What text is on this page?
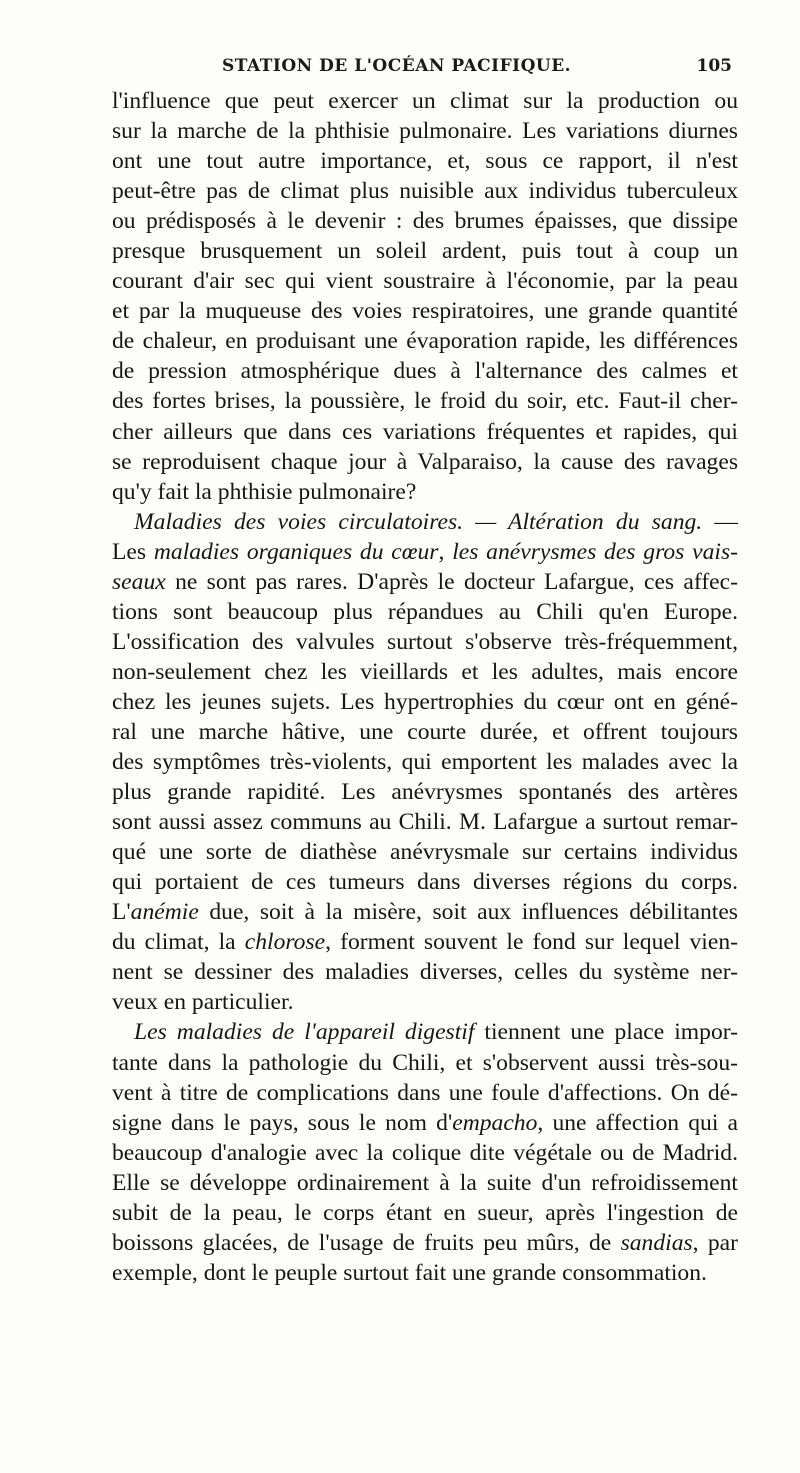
STATION DE L'OCÉAN PACIFIQUE.	105

l'influence que peut exercer un climat sur la production ou
sur la marche de la phthisie pulmonaire. Les variations diurnes
ont une tout autre importance, et, sous ce rapport, il n'est
peut-être pas de climat plus nuisible aux individus tuberculeux
ou prédisposés à le devenir : des brumes épaisses, que dissipe
presque brusquement un soleil ardent, puis tout à coup un
courant d'air sec qui vient soustraire à l'économie, par la peau
et par la muqueuse des voies respiratoires, une grande quantité
de chaleur, en produisant une évaporation rapide, les différences
de pression atmosphérique dues à l'alternance des calmes et
des fortes brises, la poussière, le froid du soir, etc. Faut-il cher-
cher ailleurs que dans ces variations fréquentes et rapides, qui
se reproduisent chaque jour à Valparaiso, la cause des ravages
qu'y fait la phthisie pulmonaire?

Maladies des voies circulatoires. — Altération du sang. —
Les maladies organiques du cœur, les anévrysmes des gros vais-
seaux ne sont pas rares. D'après le docteur Lafargue, ces affec-
tions sont beaucoup plus répandues au Chili qu'en Europe.
L'ossification des valvules surtout s'observe très-fréquemment,
non-seulement chez les vieillards et les adultes, mais encore
chez les jeunes sujets. Les hypertrophies du cœur ont en géné-
ral une marche hâtive, une courte durée, et offrent toujours
des symptômes très-violents, qui emportent les malades avec la
plus grande rapidité. Les anévrysmes spontanés des artères
sont aussi assez communs au Chili. M. Lafargue a surtout remar-
qué une sorte de diathèse anévrysmale sur certains individus
qui portaient de ces tumeurs dans diverses régions du corps.
L'anémie due, soit à la misère, soit aux influences débilitantes
du climat, la chlorose, forment souvent le fond sur lequel vien-
nent se dessiner des maladies diverses, celles du système ner-
veux en particulier.

Les maladies de l'appareil digestif tiennent une place impor-
tante dans la pathologie du Chili, et s'observent aussi très-sou-
vent à titre de complications dans une foule d'affections. On dé-
signe dans le pays, sous le nom d'empacho, une affection qui a
beaucoup d'analogie avec la colique dite végétale ou de Madrid.
Elle se développe ordinairement à la suite d'un refroidissement
subit de la peau, le corps étant en sueur, après l'ingestion de
boissons glacées, de l'usage de fruits peu mûrs, de sandias, par
exemple, dont le peuple surtout fait une grande consommation.
